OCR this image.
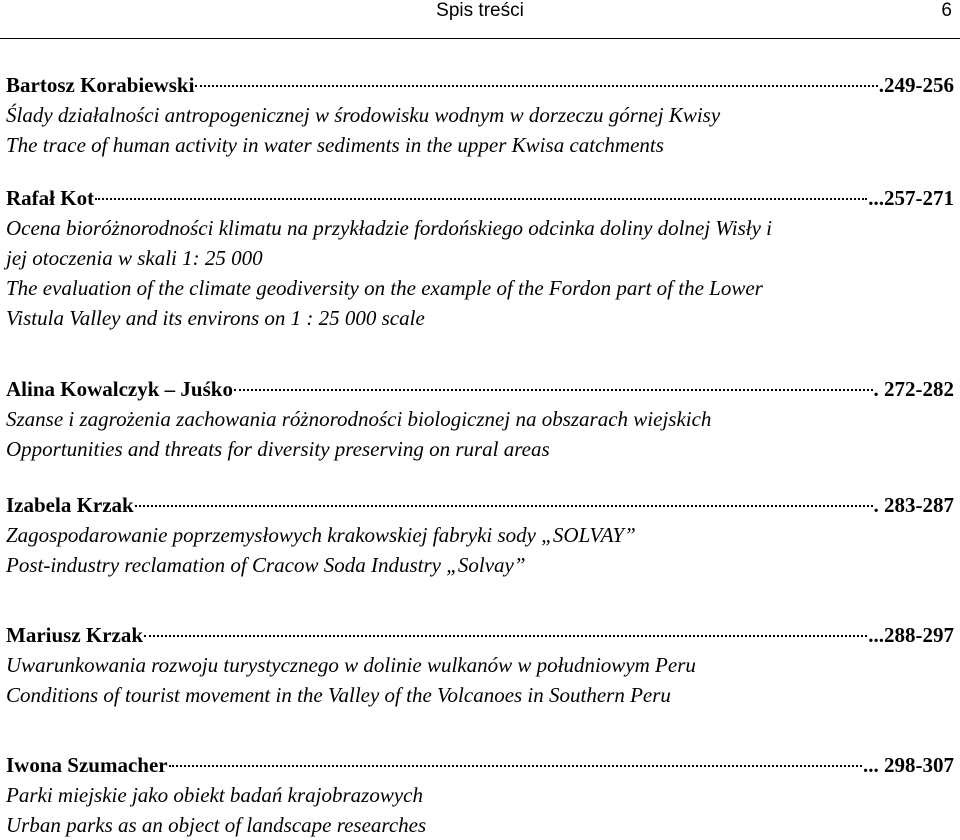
Spis treści	6
Bartosz Korabiewski	.249-256
Ślady działalności antropogenicznej w środowisku wodnym w dorzeczu górnej Kwisy
The trace of human activity in water sediments in the upper Kwisa catchments
Rafał Kot	...257-271
Ocena bioróżnorodności klimatu na przykładzie fordońskiego odcinka doliny dolnej Wisły i
jej otoczenia w skali 1: 25 000
The evaluation of the climate geodiversity on the example of the Fordon part of the Lower
Vistula Valley and its environs on 1 : 25 000 scale
Alina Kowalczyk – Juśko	. 272-282
Szanse i zagrożenia zachowania różnorodności biologicznej na obszarach wiejskich
Opportunities and threats for diversity preserving on rural areas
Izabela Krzak	. 283-287
Zagospodarowanie poprzemysłowych krakowskiej fabryki sody „SOLVAY”
Post-industry reclamation of Cracow Soda Industry „Solvay”
Mariusz Krzak	...288-297
Uwarunkowania rozwoju turystycznego w dolinie wulkanów w południowym Peru
Conditions of tourist movement in the Valley of the Volcanoes in Southern Peru
Iwona Szumacher	... 298-307
Parki miejskie jako obiekt badań krajobrazowych
Urban parks as an object of landscape researches
